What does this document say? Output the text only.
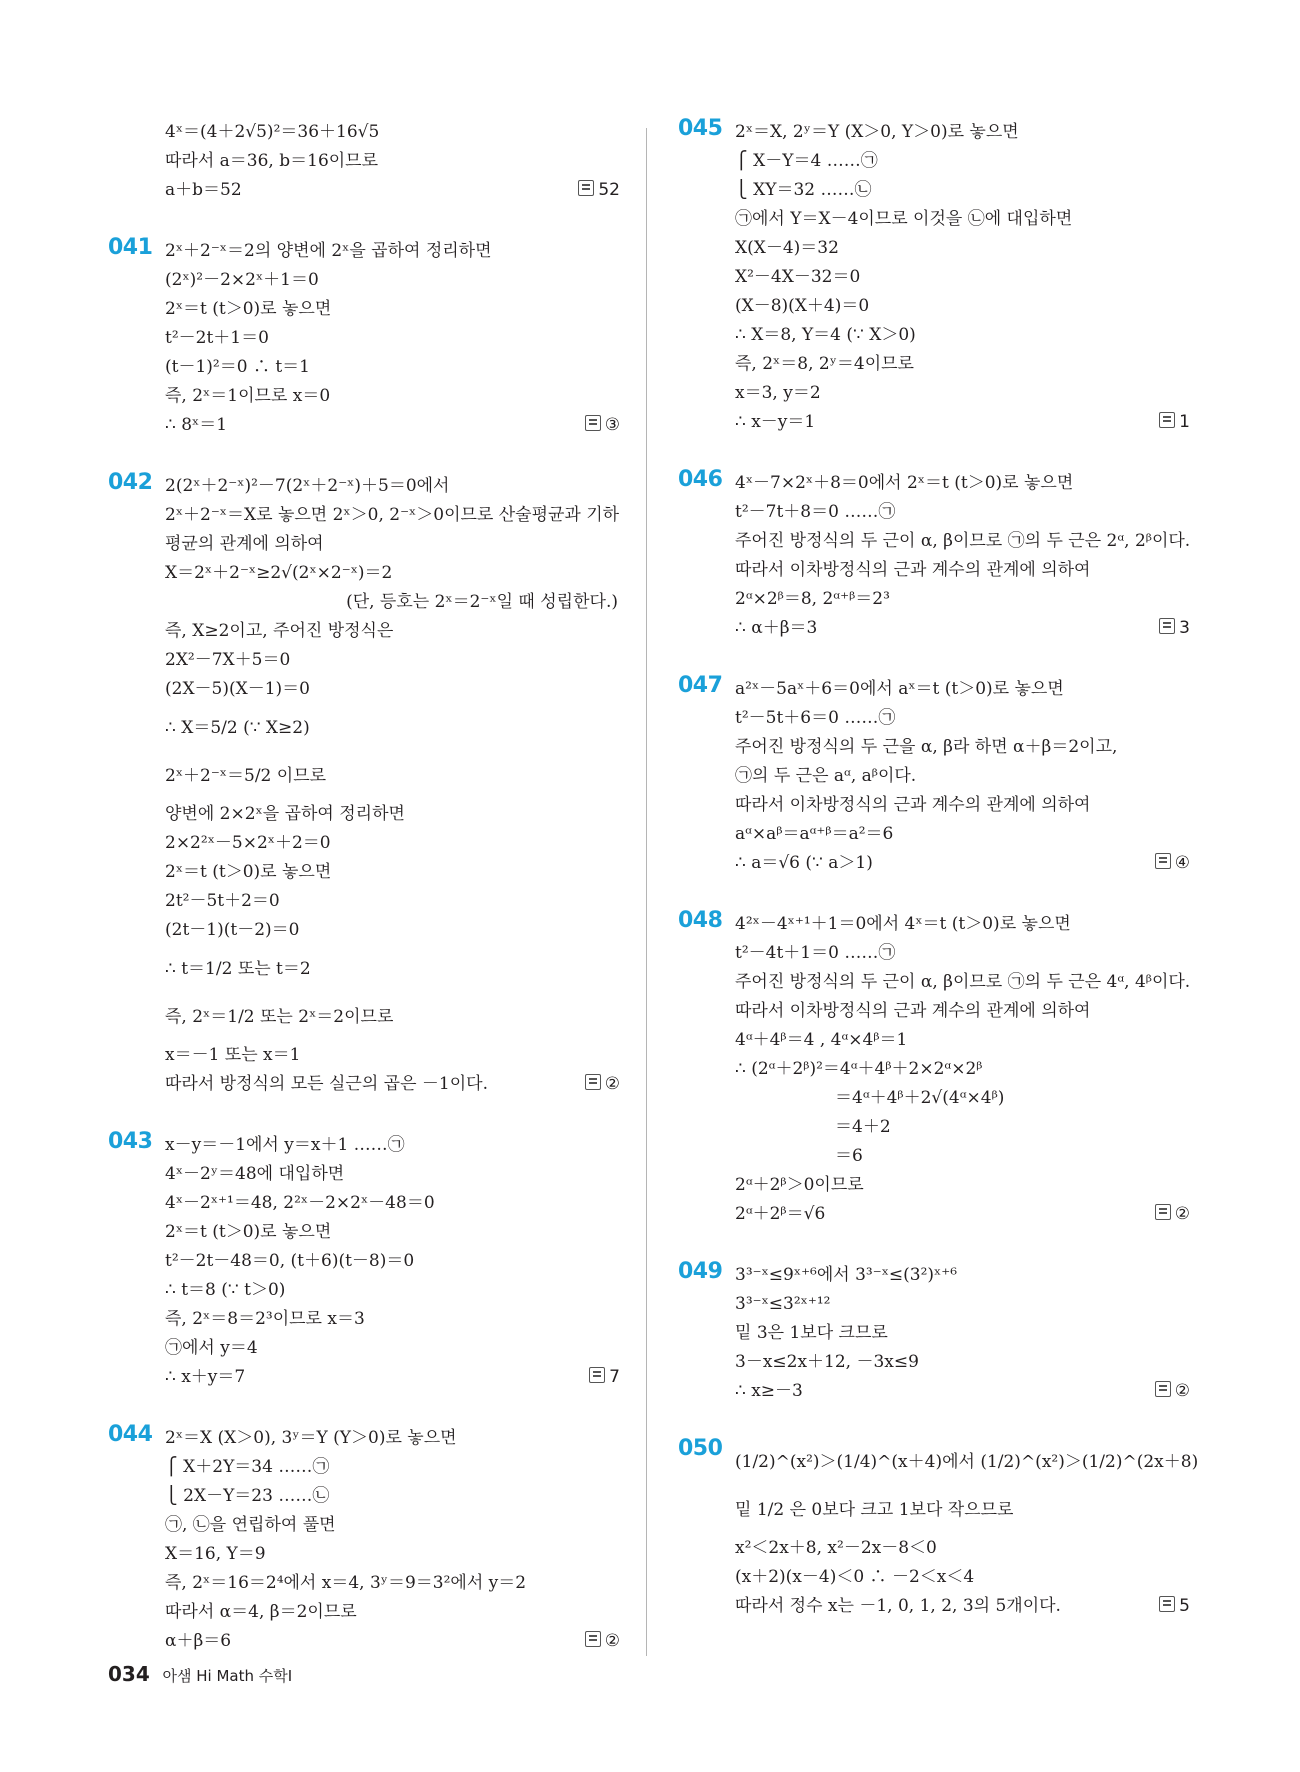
4ˣ＝(4＋2√5)²＝36＋16√5
따라서 a＝36, b＝16이므로
a＋b＝52	52
041 2ˣ＋2⁻ˣ＝2의 양변에 2ˣ을 곱하여 정리하면
(2ˣ)²－2×2ˣ＋1＝0
2ˣ＝t (t＞0)로 놓으면
t²－2t＋1＝0
(t－1)²＝0 ∴ t＝1
즉, 2ˣ＝1이므로 x＝0
∴ 8ˣ＝1	③
042 2(2ˣ＋2⁻ˣ)²－7(2ˣ＋2⁻ˣ)＋5＝0에서
2ˣ＋2⁻ˣ＝X로 놓으면 2ˣ＞0, 2⁻ˣ＞0이므로 산술평균과 기하
평균의 관계에 의하여
X＝2ˣ＋2⁻ˣ≥2√(2ˣ×2⁻ˣ)＝2
(단, 등호는 2ˣ＝2⁻ˣ일 때 성립한다.)
즉, X≥2이고, 주어진 방정식은
2X²－7X＋5＝0
(2X－5)(X－1)＝0
∴ X＝5/2 (∵ X≥2)
2ˣ＋2⁻ˣ＝5/2 이므로
양변에 2×2ˣ을 곱하여 정리하면
2×2²ˣ－5×2ˣ＋2＝0
2ˣ＝t (t＞0)로 놓으면
2t²－5t＋2＝0
(2t－1)(t－2)＝0
∴ t＝1/2 또는 t＝2
즉, 2ˣ＝1/2 또는 2ˣ＝2이므로
x＝－1 또는 x＝1
따라서 방정식의 모든 실근의 곱은 －1이다.	②
043 x－y＝－1에서 y＝x＋1 ……㉠
4ˣ－2ʸ＝48에 대입하면
4ˣ－2ˣ⁺¹＝48, 2²ˣ－2×2ˣ－48＝0
2ˣ＝t (t＞0)로 놓으면
t²－2t－48＝0, (t＋6)(t－8)＝0
∴ t＝8 (∵ t＞0)
즉, 2ˣ＝8＝2³이므로 x＝3
㉠에서 y＝4
∴ x＋y＝7	7
044 2ˣ＝X (X＞0), 3ʸ＝Y (Y＞0)로 놓으면
⎧ X＋2Y＝34 ……㉠
⎩ 2X－Y＝23 ……㉡
㉠, ㉡을 연립하여 풀면
X＝16, Y＝9
즉, 2ˣ＝16＝2⁴에서 x＝4, 3ʸ＝9＝3²에서 y＝2
따라서 α＝4, β＝2이므로
α＋β＝6	②
045 2ˣ＝X, 2ʸ＝Y (X＞0, Y＞0)로 놓으면
⎧ X－Y＝4 ……㉠
⎩ XY＝32 ……㉡
㉠에서 Y＝X－4이므로 이것을 ㉡에 대입하면
X(X－4)＝32
X²－4X－32＝0
(X－8)(X＋4)＝0
∴ X＝8, Y＝4 (∵ X＞0)
즉, 2ˣ＝8, 2ʸ＝4이므로
x＝3, y＝2
∴ x－y＝1	1
046 4ˣ－7×2ˣ＋8＝0에서 2ˣ＝t (t＞0)로 놓으면
t²－7t＋8＝0 ……㉠
주어진 방정식의 두 근이 α, β이므로 ㉠의 두 근은 2ᵅ, 2ᵝ이다.
따라서 이차방정식의 근과 계수의 관계에 의하여
2ᵅ×2ᵝ＝8, 2ᵅ⁺ᵝ＝2³
∴ α＋β＝3	3
047 a²ˣ－5aˣ＋6＝0에서 aˣ＝t (t＞0)로 놓으면
t²－5t＋6＝0 ……㉠
주어진 방정식의 두 근을 α, β라 하면 α＋β＝2이고,
㉠의 두 근은 aᵅ, aᵝ이다.
따라서 이차방정식의 근과 계수의 관계에 의하여
aᵅ×aᵝ＝aᵅ⁺ᵝ＝a²＝6
∴ a＝√6 (∵ a＞1)	④
048 4²ˣ－4ˣ⁺¹＋1＝0에서 4ˣ＝t (t＞0)로 놓으면
t²－4t＋1＝0 ……㉠
주어진 방정식의 두 근이 α, β이므로 ㉠의 두 근은 4ᵅ, 4ᵝ이다.
따라서 이차방정식의 근과 계수의 관계에 의하여
4ᵅ＋4ᵝ＝4 , 4ᵅ×4ᵝ＝1
∴ (2ᵅ＋2ᵝ)²＝4ᵅ＋4ᵝ＋2×2ᵅ×2ᵝ
＝4ᵅ＋4ᵝ＋2√(4ᵅ×4ᵝ)
＝4＋2
＝6
2ᵅ＋2ᵝ＞0이므로
2ᵅ＋2ᵝ＝√6	②
049 3³⁻ˣ≤9ˣ⁺⁶에서 3³⁻ˣ≤(3²)ˣ⁺⁶
3³⁻ˣ≤3²ˣ⁺¹²
밑 3은 1보다 크므로
3－x≤2x＋12, －3x≤9
∴ x≥－3	②
050
(1/2)^(x²)＞(1/4)^(x＋4)에서 (1/2)^(x²)＞(1/2)^(2x＋8)
밑 1/2 은 0보다 크고 1보다 작으므로
x²＜2x＋8, x²－2x－8＜0
(x＋2)(x－4)＜0 ∴ －2＜x＜4
따라서 정수 x는 －1, 0, 1, 2, 3의 5개이다.	5
034 아샘 Hi Math 수학Ⅰ
